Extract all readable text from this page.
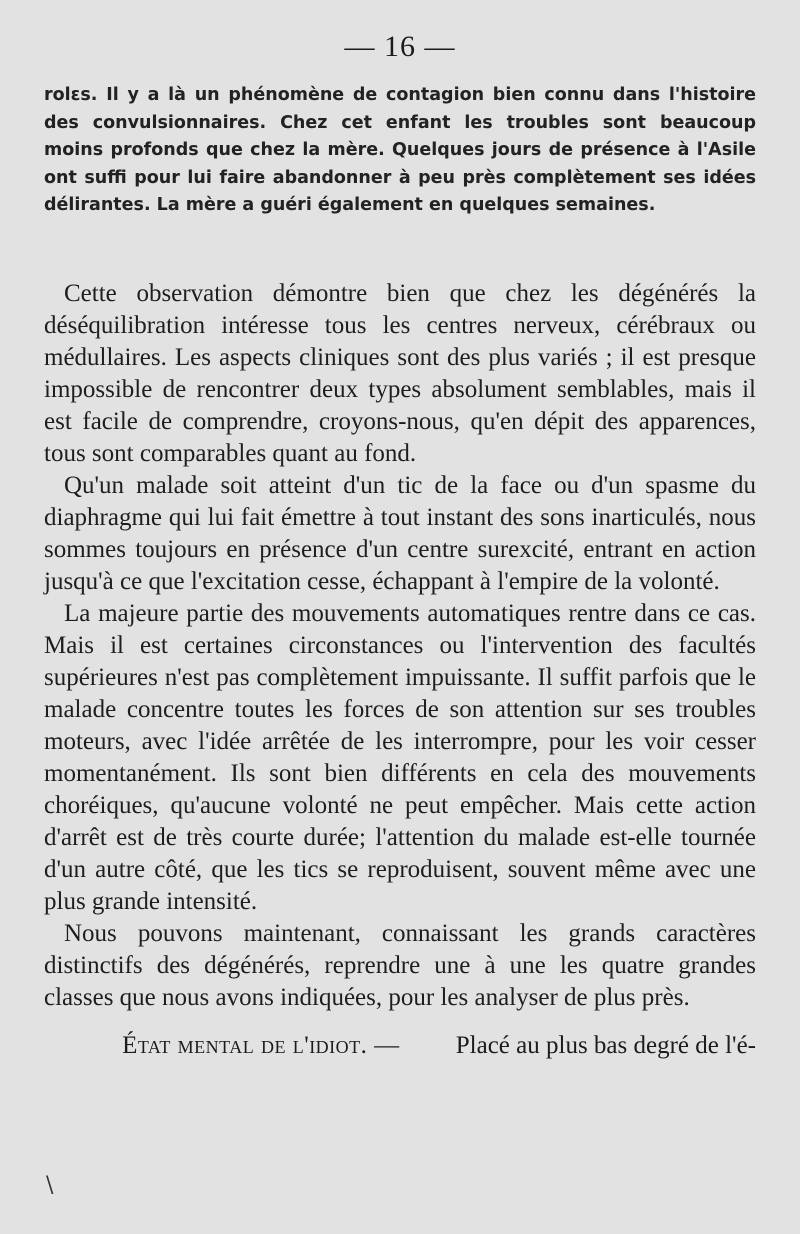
— 16 —
rolɛs. Il y a là un phénomène de contagion bien connu dans l'histoire des convulsionnaires. Chez cet enfant les troubles sont beaucoup moins profonds que chez la mère. Quelques jours de présence à l'Asile ont suffi pour lui faire abandonner à peu près complètement ses idées délirantes. La mère a guéri également en quelques semaines.

Cette observation démontre bien que chez les dégénérés la déséquilibration intéresse tous les centres nerveux, cérébraux ou médullaires. Les aspects cliniques sont des plus variés ; il est presque impossible de rencontrer deux types absolument semblables, mais il est facile de comprendre, croyons-nous, qu'en dépit des apparences, tous sont comparables quant au fond.

Qu'un malade soit atteint d'un tic de la face ou d'un spasme du diaphragme qui lui fait émettre à tout instant des sons inarticulés, nous sommes toujours en présence d'un centre surexcité, entrant en action jusqu'à ce que l'excitation cesse, échappant à l'empire de la volonté.

La majeure partie des mouvements automatiques rentre dans ce cas. Mais il est certaines circonstances ou l'intervention des facultés supérieures n'est pas complètement impuissante. Il suffit parfois que le malade concentre toutes les forces de son attention sur ses troubles moteurs, avec l'idée arrêtée de les interrompre, pour les voir cesser momentanément. Ils sont bien différents en cela des mouvements choréiques, qu'aucune volonté ne peut empêcher. Mais cette action d'arrêt est de très courte durée; l'attention du malade est-elle tournée d'un autre côté, que les tics se reproduisent, souvent même avec une plus grande intensité.

Nous pouvons maintenant, connaissant les grands caractères distinctifs des dégénérés, reprendre une à une les quatre grandes classes que nous avons indiquées, pour les analyser de plus près.

État mental de l'idiot. — Placé au plus bas degré de l'é-
\
